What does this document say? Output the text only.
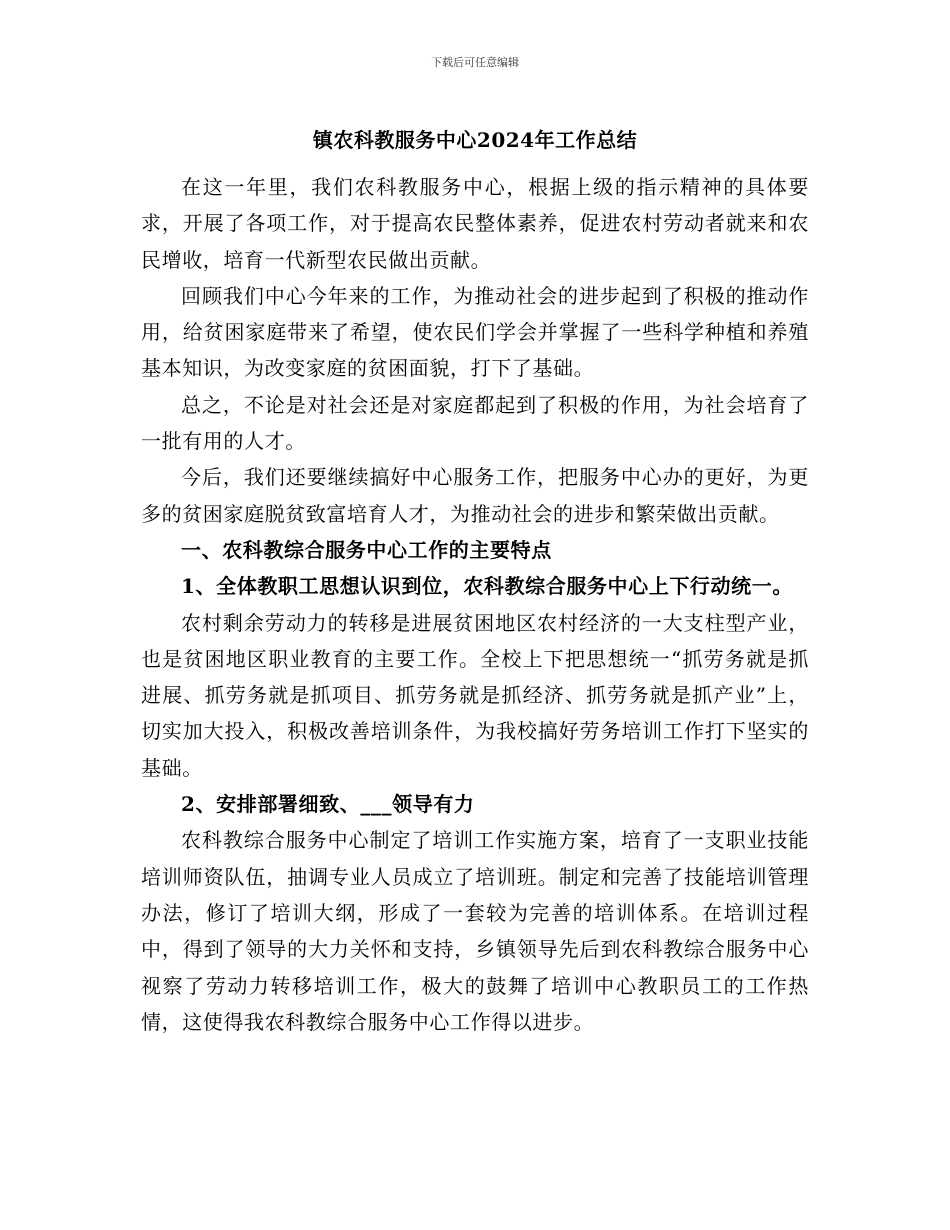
下载后可任意编辑
镇农科教服务中心2024年工作总结

在这一年里，我们农科教服务中心，根据上级的指示精神的具体要求，开展了各项工作，对于提高农民整体素养，促进农村劳动者就来和农民增收，培育一代新型农民做出贡献。

回顾我们中心今年来的工作，为推动社会的进步起到了积极的推动作用，给贫困家庭带来了希望，使农民们学会并掌握了一些科学种植和养殖基本知识，为改变家庭的贫困面貌，打下了基础。

总之，不论是对社会还是对家庭都起到了积极的作用，为社会培育了一批有用的人才。

今后，我们还要继续搞好中心服务工作，把服务中心办的更好，为更多的贫困家庭脱贫致富培育人才，为推动社会的进步和繁荣做出贡献。

一、农科教综合服务中心工作的主要特点

1、全体教职工思想认识到位，农科教综合服务中心上下行动统一。

农村剩余劳动力的转移是进展贫困地区农村经济的一大支柱型产业，也是贫困地区职业教育的主要工作。全校上下把思想统一“抓劳务就是抓进展、抓劳务就是抓项目、抓劳务就是抓经济、抓劳务就是抓产业”上，切实加大投入，积极改善培训条件，为我校搞好劳务培训工作打下坚实的基础。

2、安排部署细致、___领导有力

农科教综合服务中心制定了培训工作实施方案，培育了一支职业技能培训师资队伍，抽调专业人员成立了培训班。制定和完善了技能培训管理办法，修订了培训大纲，形成了一套较为完善的培训体系。在培训过程中，得到了领导的大力关怀和支持，乡镇领导先后到农科教综合服务中心视察了劳动力转移培训工作，极大的鼓舞了培训中心教职员工的工作热情，这使得我农科教综合服务中心工作得以进步。
